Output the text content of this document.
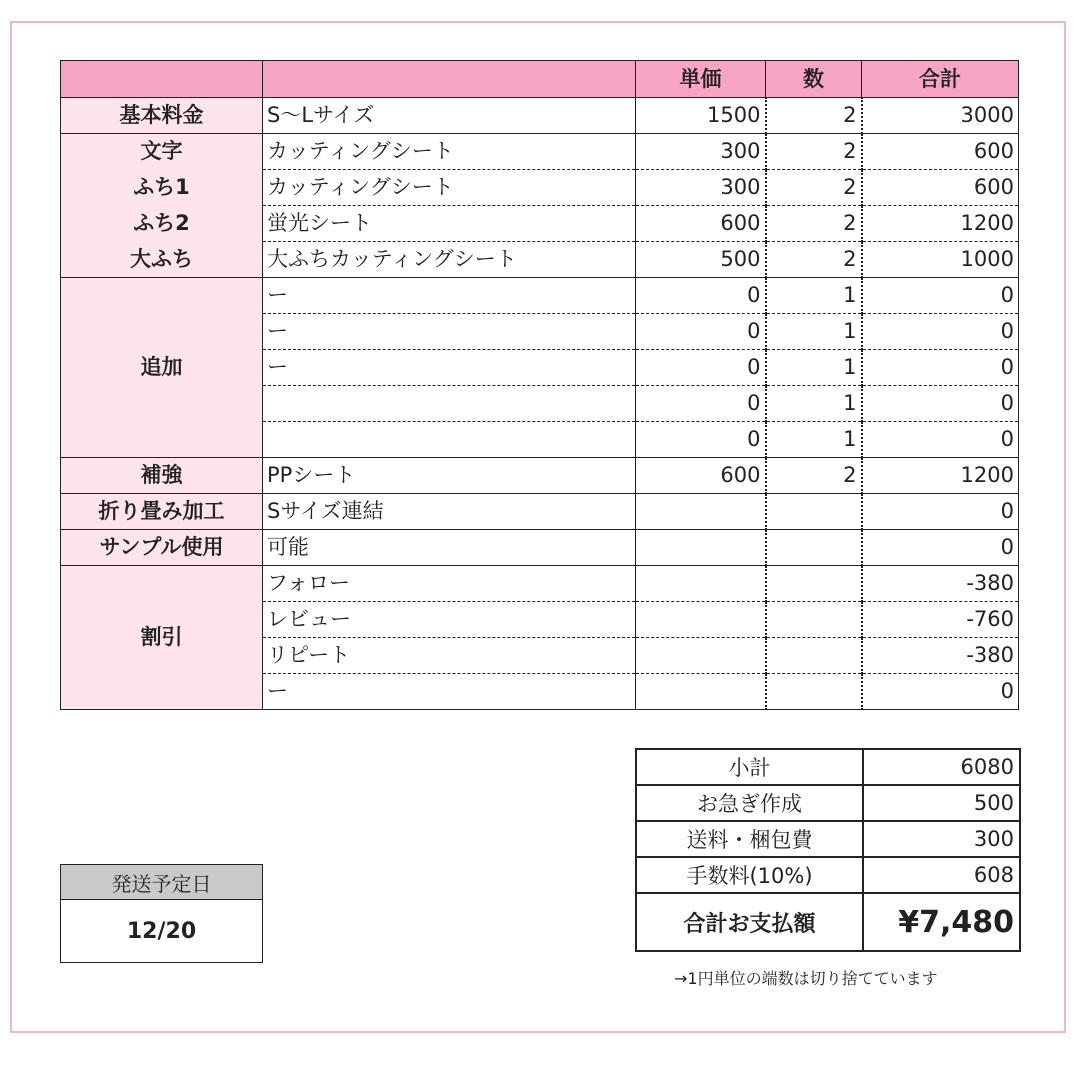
		単価	数	合計
基本料金	S〜Lサイズ	1500	2	3000
文字	カッティングシート	300	2	600
ふち1	カッティングシート	300	2	600
ふち2	蛍光シート	600	2	1200
大ふち	大ふちカッティングシート	500	2	1000
追加	ー	0	1	0
	ー	0	1	0
	ー	0	1	0
		0	1	0
		0	1	0
補強	PPシート	600	2	1200
折り畳み加工	Sサイズ連結			0
サンプル使用	可能			0
割引	フォロー			-380
	レビュー			-760
	リピート			-380
	ー			0
小計	6080
お急ぎ作成	500
送料・梱包費	300
手数料(10%)	608
合計お支払額	¥7,480
→1円単位の端数は切り捨てています
発送予定日
12/20
